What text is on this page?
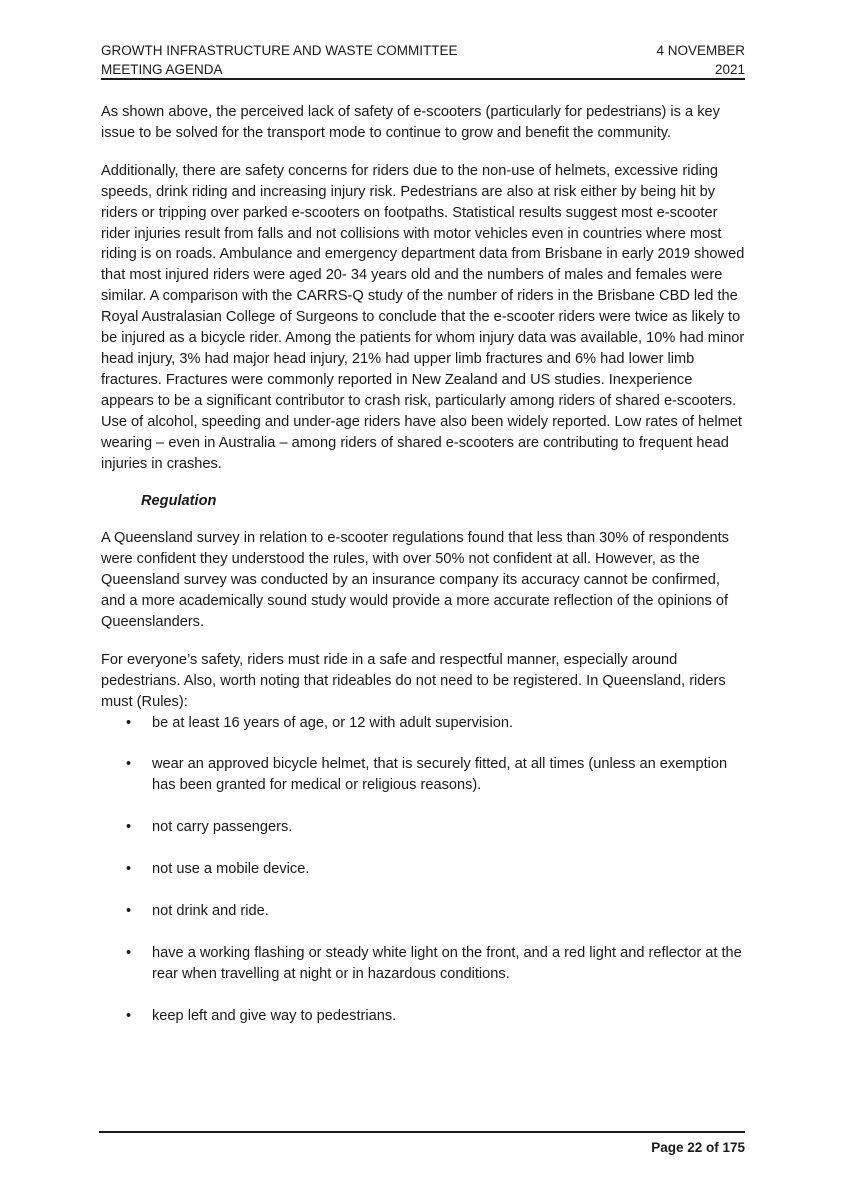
GROWTH INFRASTRUCTURE AND WASTE COMMITTEE
MEETING AGENDA
4 NOVEMBER
2021

As shown above, the perceived lack of safety of e-scooters (particularly for pedestrians) is a key issue to be solved for the transport mode to continue to grow and benefit the community.

Additionally, there are safety concerns for riders due to the non-use of helmets, excessive riding speeds, drink riding and increasing injury risk. Pedestrians are also at risk either by being hit by riders or tripping over parked e-scooters on footpaths. Statistical results suggest most e-scooter rider injuries result from falls and not collisions with motor vehicles even in countries where most riding is on roads. Ambulance and emergency department data from Brisbane in early 2019 showed that most injured riders were aged 20- 34 years old and the numbers of males and females were similar. A comparison with the CARRS-Q study of the number of riders in the Brisbane CBD led the Royal Australasian College of Surgeons to conclude that the e-scooter riders were twice as likely to be injured as a bicycle rider. Among the patients for whom injury data was available, 10% had minor head injury, 3% had major head injury, 21% had upper limb fractures and 6% had lower limb fractures. Fractures were commonly reported in New Zealand and US studies. Inexperience appears to be a significant contributor to crash risk, particularly among riders of shared e-scooters. Use of alcohol, speeding and under-age riders have also been widely reported. Low rates of helmet wearing – even in Australia – among riders of shared e-scooters are contributing to frequent head injuries in crashes.

Regulation

A Queensland survey in relation to e-scooter regulations found that less than 30% of respondents were confident they understood the rules, with over 50% not confident at all. However, as the Queensland survey was conducted by an insurance company its accuracy cannot be confirmed, and a more academically sound study would provide a more accurate reflection of the opinions of Queenslanders.

For everyone’s safety, riders must ride in a safe and respectful manner, especially around pedestrians. Also, worth noting that rideables do not need to be registered. In Queensland, riders must (Rules):

• be at least 16 years of age, or 12 with adult supervision.
• wear an approved bicycle helmet, that is securely fitted, at all times (unless an exemption has been granted for medical or religious reasons).
• not carry passengers.
• not use a mobile device.
• not drink and ride.
• have a working flashing or steady white light on the front, and a red light and reflector at the rear when travelling at night or in hazardous conditions.
• keep left and give way to pedestrians.
Page 22 of 175
